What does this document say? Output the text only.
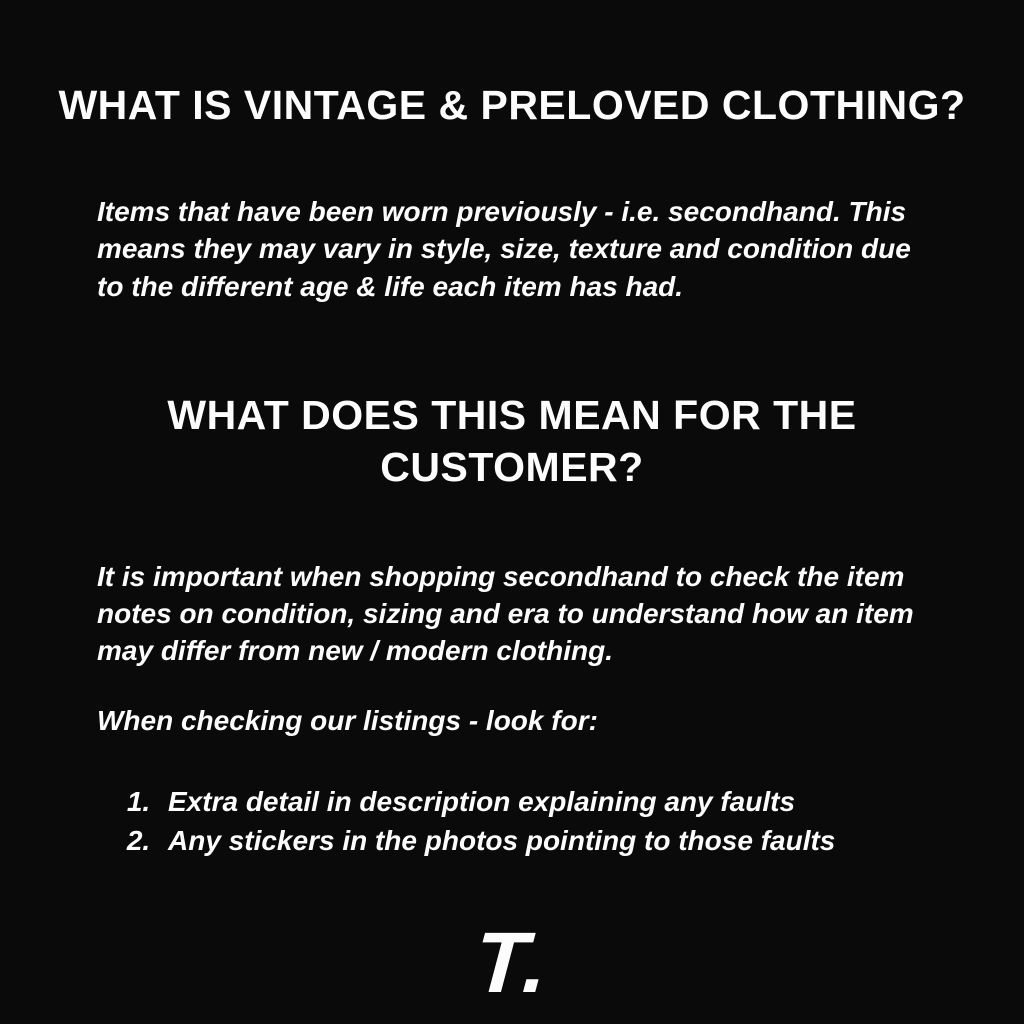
WHAT IS VINTAGE & PRELOVED CLOTHING?

Items that have been worn previously - i.e. secondhand. This means they may vary in style, size, texture and condition due to the different age & life each item has had.

WHAT DOES THIS MEAN FOR THE
CUSTOMER?

It is important when shopping secondhand to check the item notes on condition, sizing and era to understand how an item may differ from new / modern clothing.

When checking our listings - look for:

1. Extra detail in description explaining any faults
2. Any stickers in the photos pointing to those faults
T.
